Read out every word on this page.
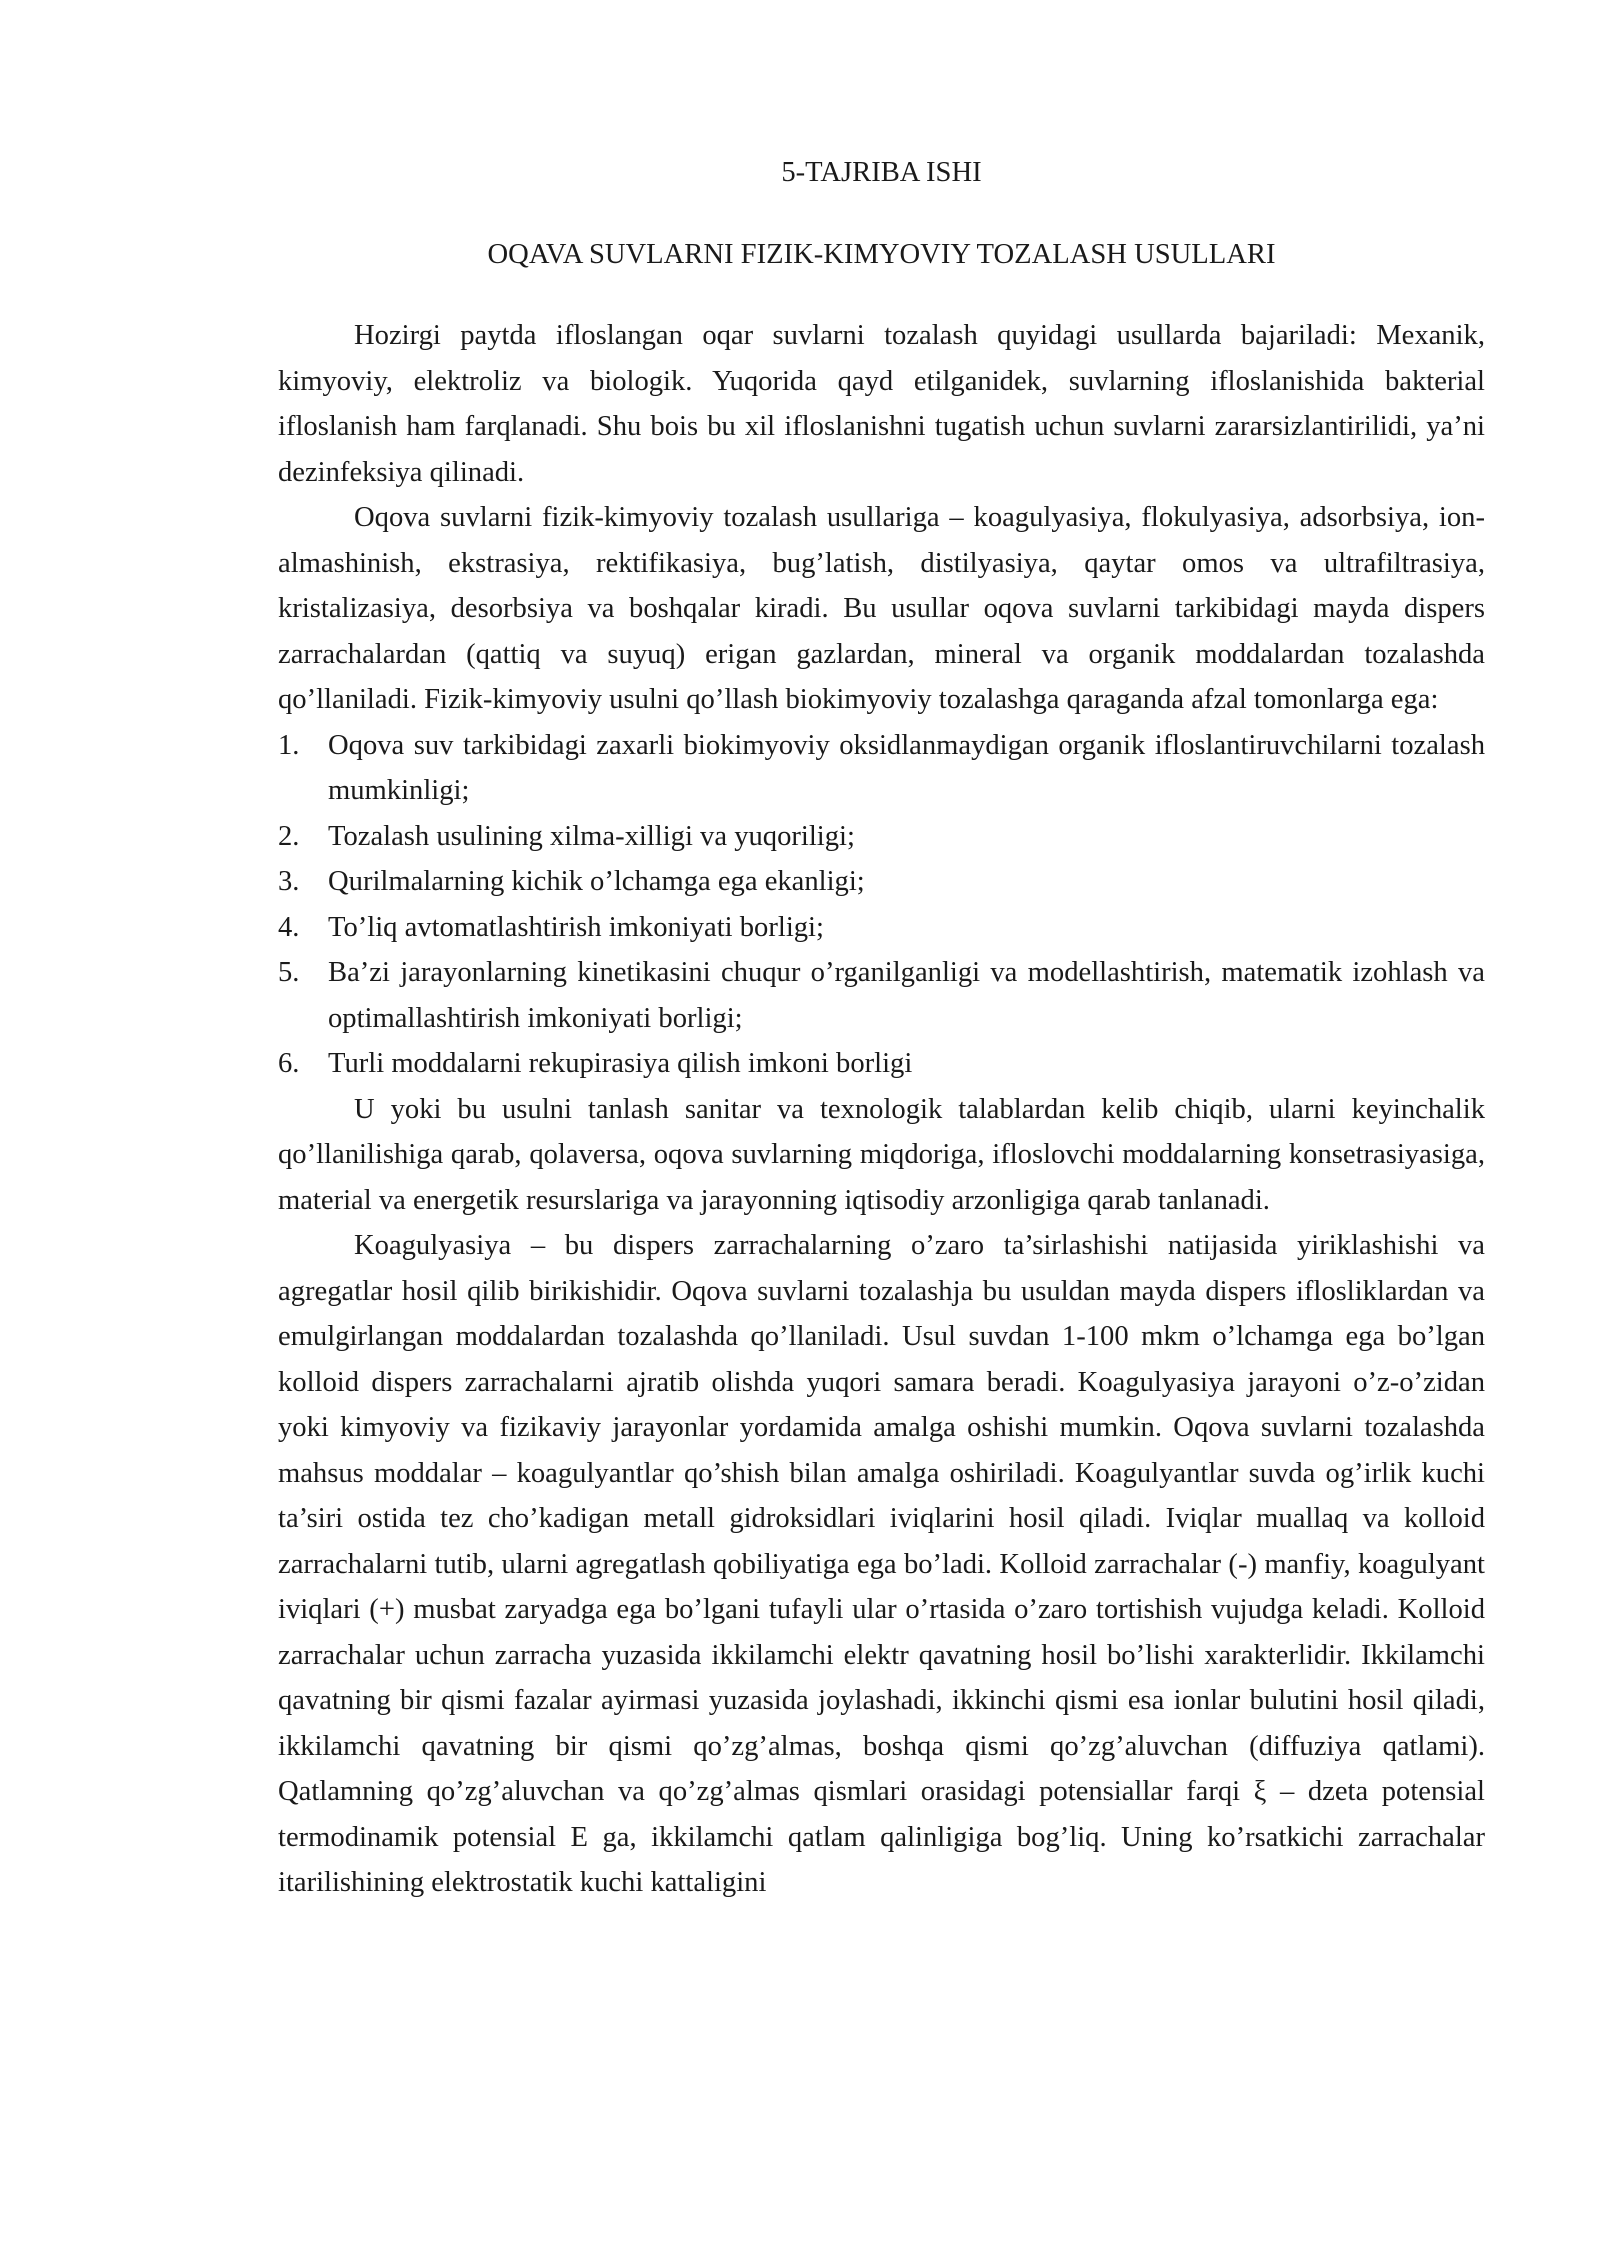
5-TAJRIBA ISHI
OQAVA SUVLARNI FIZIK-KIMYOVIY TOZALASH USULLARI

Hozirgi paytda ifloslangan oqar suvlarni tozalash quyidagi usullarda bajariladi: Mexanik, kimyoviy, elektroliz va biologik. Yuqorida qayd etilganidek, suvlarning ifloslanishida bakterial ifloslanish ham farqlanadi. Shu bois bu xil ifloslanishni tugatish uchun suvlarni zararsizlantirilidi, ya’ni dezinfeksiya qilinadi.

Oqova suvlarni fizik-kimyoviy tozalash usullariga – koagulyasiya, flokulyasiya, adsorbsiya, ion-almashinish, ekstrasiya, rektifikasiya, bug’latish, distilyasiya, qaytar omos va ultrafiltrasiya, kristalizasiya, desorbsiya va boshqalar kiradi. Bu usullar oqova suvlarni tarkibidagi mayda dispers zarrachalardan (qattiq va suyuq) erigan gazlardan, mineral va organik moddalardan tozalashda qo’llaniladi. Fizik-kimyoviy usulni qo’llash biokimyoviy tozalashga qaraganda afzal tomonlarga ega:

1. Oqova suv tarkibidagi zaxarli biokimyoviy oksidlanmaydigan organik ifloslantiruvchilarni tozalash mumkinligi;
2. Tozalash usulining xilma-xilligi va yuqoriligi;
3. Qurilmalarning kichik o’lchamga ega ekanligi;
4. To’liq avtomatlashtirish imkoniyati borligi;
5. Ba’zi jarayonlarning kinetikasini chuqur o’rganilganligi va modellashtirish, matematik izohlash va optimallashtirish imkoniyati borligi;
6. Turli moddalarni rekupirasiya qilish imkoni borligi

U yoki bu usulni tanlash sanitar va texnologik talablardan kelib chiqib, ularni keyinchalik qo’llanilishiga qarab, qolaversa, oqova suvlarning miqdoriga, ifloslovchi moddalarning konsetrasiyasiga, material va energetik resurslariga va jarayonning iqtisodiy arzonligiga qarab tanlanadi.

Koagulyasiya – bu dispers zarrachalarning o’zaro ta’sirlashishi natijasida yiriklashishi va agregatlar hosil qilib birikishidir. Oqova suvlarni tozalashja bu usuldan mayda dispers iflosliklardan va emulgirlangan moddalardan tozalashda qo’llaniladi. Usul suvdan 1-100 mkm o’lchamga ega bo’lgan kolloid dispers zarrachalarni ajratib olishda yuqori samara beradi. Koagulyasiya jarayoni o’z-o’zidan yoki kimyoviy va fizikaviy jarayonlar yordamida amalga oshishi mumkin. Oqova suvlarni tozalashda mahsus moddalar – koagulyantlar qo’shish bilan amalga oshiriladi. Koagulyantlar suvda og’irlik kuchi ta’siri ostida tez cho’kadigan metall gidroksidlari iviqlarini hosil qiladi. Iviqlar muallaq va kolloid zarrachalarni tutib, ularni agregatlash qobiliyatiga ega bo’ladi. Kolloid zarrachalar (-) manfiy, koagulyant iviqlari (+) musbat zaryadga ega bo’lgani tufayli ular o’rtasida o’zaro tortishish vujudga keladi. Kolloid zarrachalar uchun zarracha yuzasida ikkilamchi elektr qavatning hosil bo’lishi xarakterlidir. Ikkilamchi qavatning bir qismi fazalar ayirmasi yuzasida joylashadi, ikkinchi qismi esa ionlar bulutini hosil qiladi, ikkilamchi qavatning bir qismi qo’zg’almas, boshqa qismi qo’zg’aluvchan (diffuziya qatlami). Qatlamning qo’zg’aluvchan va qo’zg’almas qismlari orasidagi potensiallar farqi ξ – dzeta potensial termodinamik potensial E ga, ikkilamchi qatlam qalinligiga bog’liq. Uning ko’rsatkichi zarrachalar itarilishining elektrostatik kuchi kattaligini
